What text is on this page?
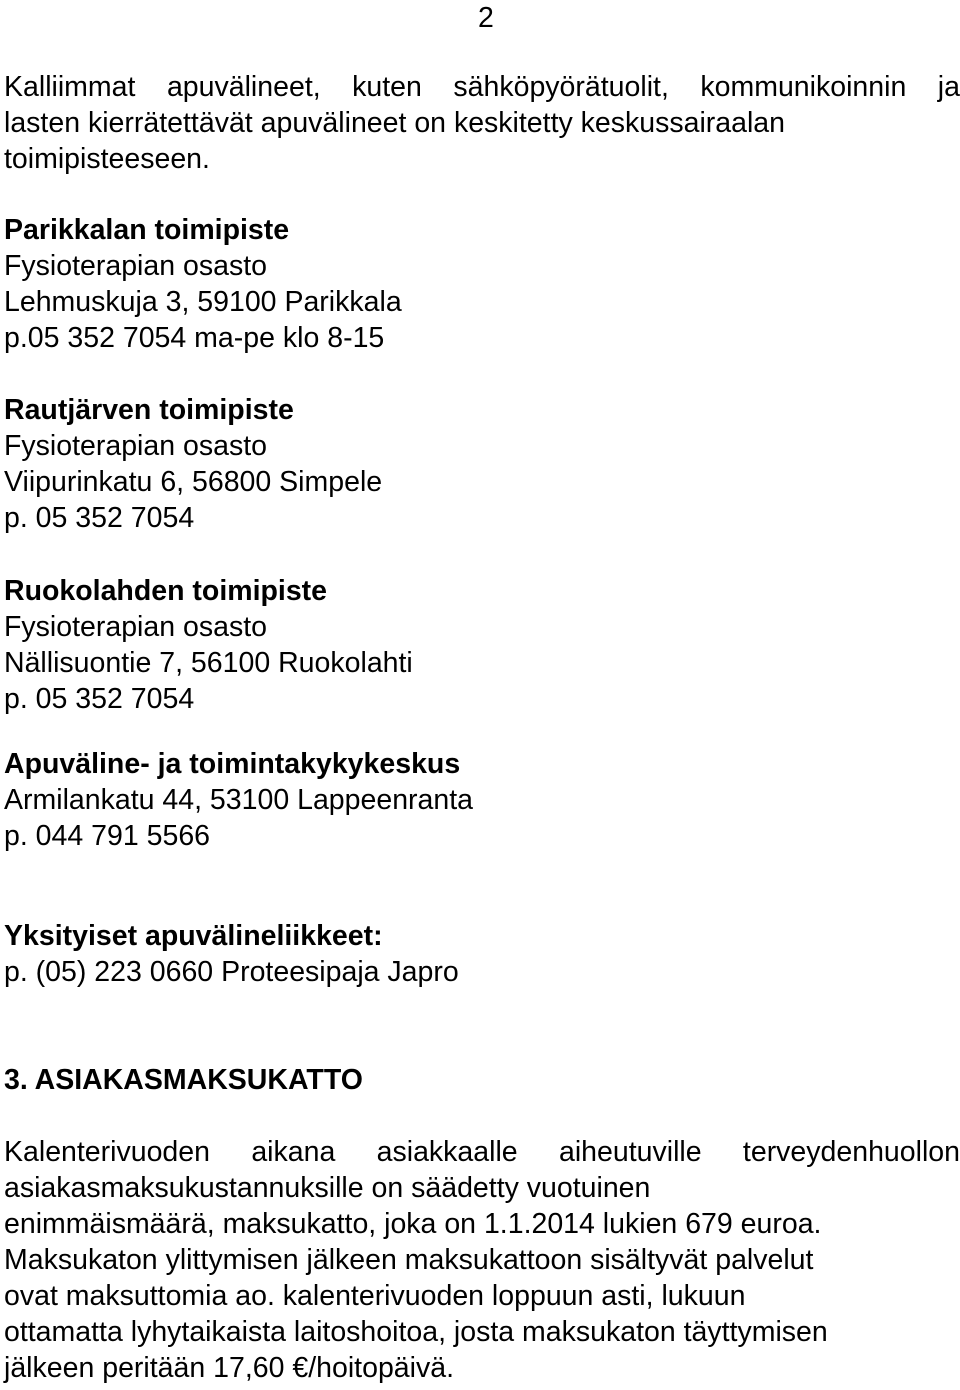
2
Kalliimmat apuvälineet, kuten sähköpyörätuolit, kommunikoinnin ja
lasten kierrätettävät apuvälineet on keskitetty keskussairaalan
toimipisteeseen.
Parikkalan toimipiste
Fysioterapian osasto
Lehmuskuja 3, 59100 Parikkala
p.05 352 7054 ma-pe klo 8-15
Rautjärven toimipiste
Fysioterapian osasto
Viipurinkatu 6, 56800 Simpele
p. 05 352 7054
Ruokolahden toimipiste
Fysioterapian osasto
Nällisuontie 7, 56100 Ruokolahti
p. 05 352 7054
Apuväline- ja toimintakykykeskus
Armilankatu 44, 53100 Lappeenranta
p. 044 791 5566
Yksityiset apuvälineliikkeet:
p. (05) 223 0660 Proteesipaja Japro
3. ASIAKASMAKSUKATTO
Kalenterivuoden aikana asiakkaalle aiheutuville terveydenhuollon
asiakasmaksukustannuksille on säädetty vuotuinen
enimmäismäärä, maksukatto, joka on 1.1.2014 lukien 679 euroa.
Maksukaton ylittymisen jälkeen maksukattoon sisältyvät palvelut
ovat maksuttomia ao. kalenterivuoden loppuun asti, lukuun
ottamatta lyhytaikaista laitoshoitoa, josta maksukaton täyttymisen
jälkeen peritään 17,60 €/hoitopäivä.
